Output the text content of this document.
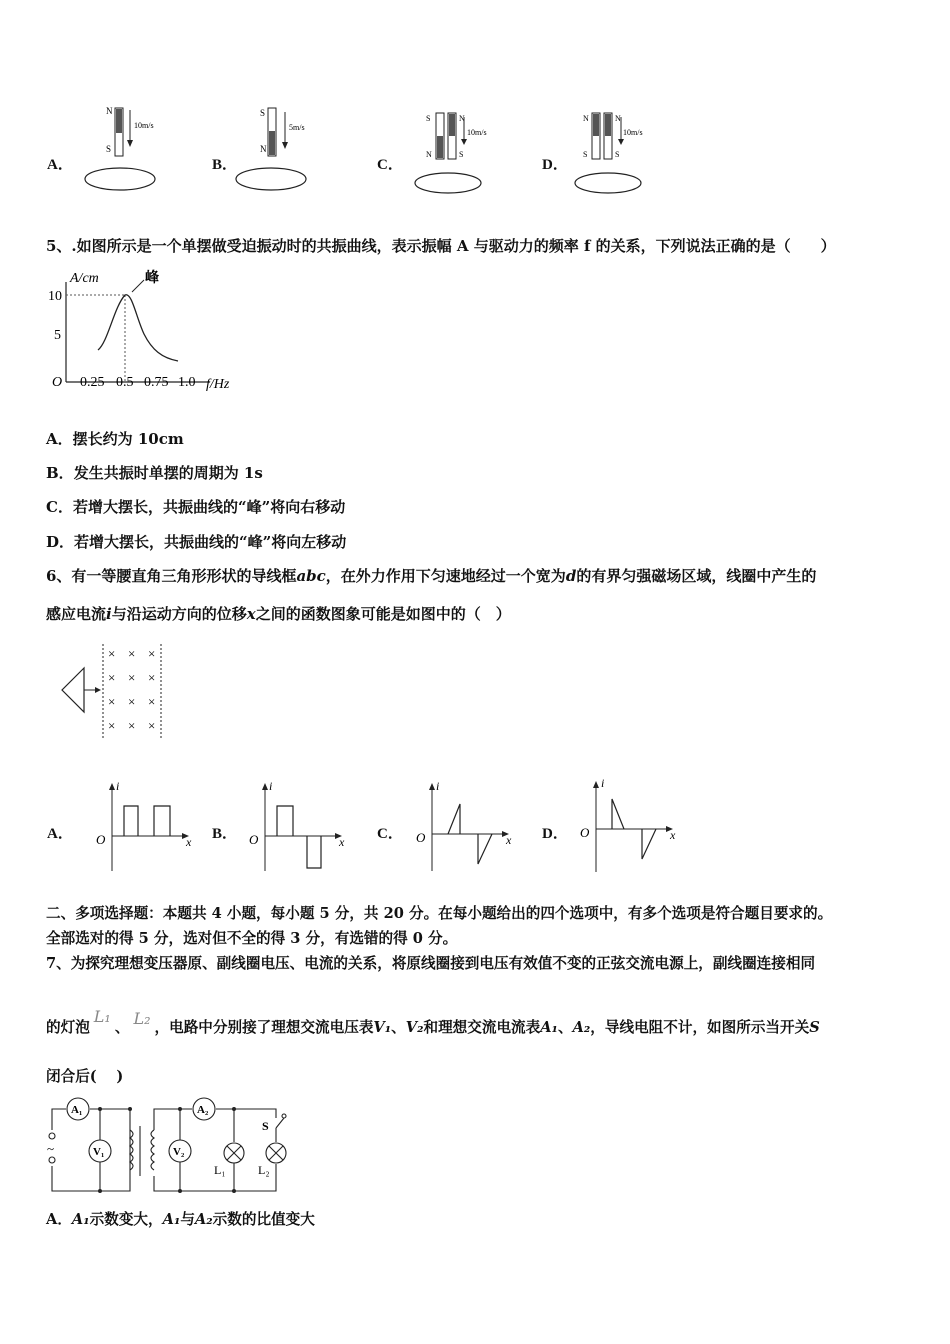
A．
N
S
10m/s
B．
S
N
5m/s
C．
S
N
N
S
10m/s
D．
N
S
N
S
10m/s
5、.如图所示是一个单摆做受迫振动时的共振曲线，表示振幅 A 与驱动力的频率 f 的关系，下列说法正确的是（　　）
A/cm	峰
10
5
O 0.25 0.5 0.75 1.0 f/Hz
A．摆长约为 10cm
B．发生共振时单摆的周期为 1s
C．若增大摆长，共振曲线的“峰”将向右移动
D．若增大摆长，共振曲线的“峰”将向左移动
6、有一等腰直角三角形形状的导线框abc，在外力作用下匀速地经过一个宽为d的有界匀强磁场区域，线圈中产生的
感应电流i与沿运动方向的位移x之间的函数图象可能是如图中的（　）
× × ×
× × ×
× × ×
× × ×
A．
i
x
O	B．
i
x
O	C．
i
x
O	D．
i
x
O
二、多项选择题：本题共 4 小题，每小题 5 分，共 20 分。在每小题给出的四个选项中，有多个选项是符合题目要求的。
全部选对的得 5 分，选对但不全的得 3 分，有选错的得 0 分。
7、为探究理想变压器原、副线圈电压、电流的关系，将原线圈接到电压有效值不变的正弦交流电源上，副线圈连接相同
的灯泡L₁、 L₂ ，电路中分别接了理想交流电压表V₁、V₂和理想交流电流表A₁、A₂，导线电阻不计，如图所示当开关S
闭合后(　 )
A₁
V₁
A₂
V₂
L₁	L₂
S
~
A．A₁示数变大，A₁与A₂示数的比值变大
